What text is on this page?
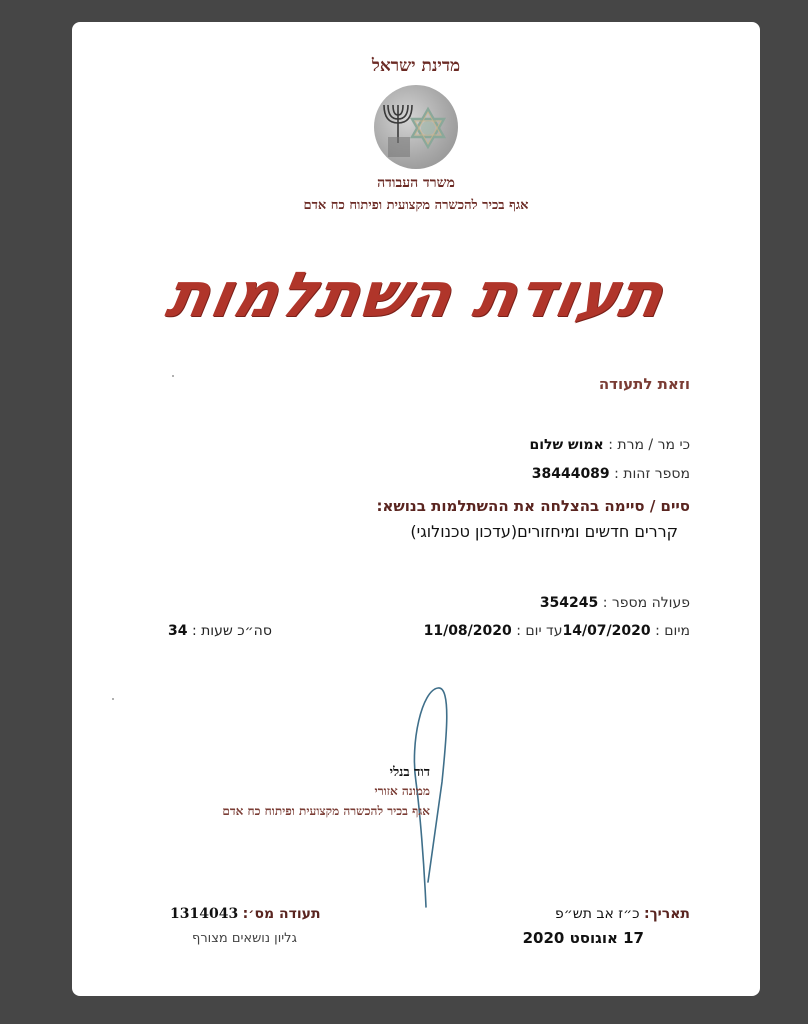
מדינת ישראל
משרד העבודה
אגף בכיר להכשרה מקצועית ופיתוח כח אדם
תעודת השתלמות
וזאת לתעודה
כי מר / מרת : אמוש שלום
מספר זהות : 38444089
סיים / סיימה בהצלחה את ההשתלמות בנושא:
קררים חדשים ומיחזורים(עדכון טכנולוגי)
פעולה מספר : 354245
מיום : 14/07/2020עד יום : 11/08/2020
סה״כ שעות : 34
דוד בנלי
ממונה אזורי
אגף בכיר להכשרה מקצועית ופיתוח כח אדם
תעודה מס׳: 1314043
גליון נושאים מצורף
תאריך: כ״ז אב תש״פ
17 אוגוסט 2020
